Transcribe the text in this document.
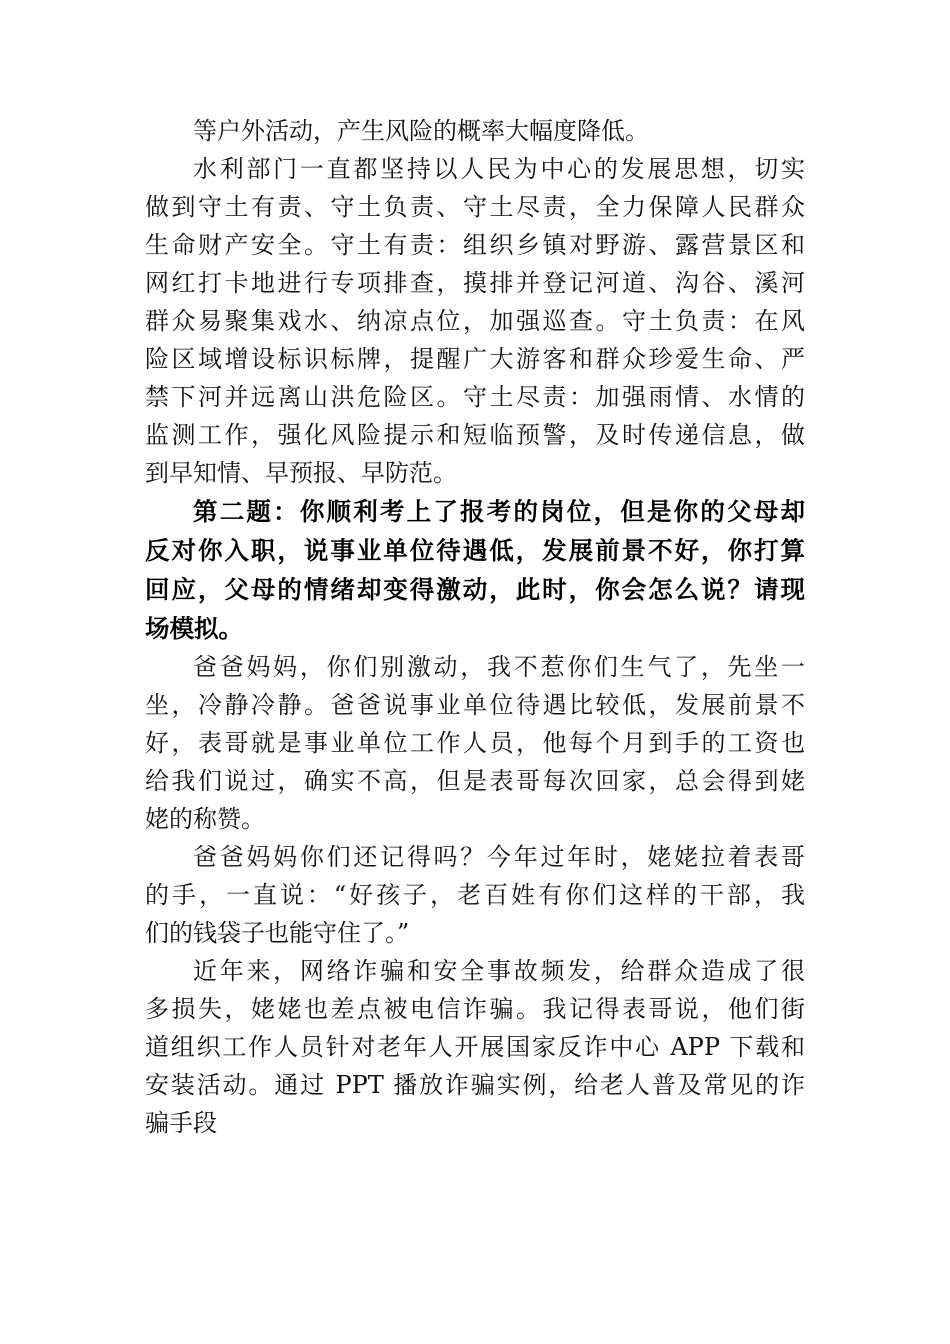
等户外活动，产生风险的概率大幅度降低。
水利部门一直都坚持以人民为中心的发展思想，切实
做到守土有责、守土负责、守土尽责，全力保障人民群众
生命财产安全。守土有责：组织乡镇对野游、露营景区和
网红打卡地进行专项排查，摸排并登记河道、沟谷、溪河
群众易聚集戏水、纳凉点位，加强巡查。守土负责：在风
险区域增设标识标牌，提醒广大游客和群众珍爱生命、严
禁下河并远离山洪危险区。守土尽责：加强雨情、水情的
监测工作，强化风险提示和短临预警，及时传递信息，做
到早知情、早预报、早防范。
第二题：你顺利考上了报考的岗位，但是你的父母却
反对你入职，说事业单位待遇低，发展前景不好，你打算
回应，父母的情绪却变得激动，此时，你会怎么说？请现
场模拟。
爸爸妈妈，你们别激动，我不惹你们生气了，先坐一
坐，冷静冷静。爸爸说事业单位待遇比较低，发展前景不
好，表哥就是事业单位工作人员，他每个月到手的工资也
给我们说过，确实不高，但是表哥每次回家，总会得到姥
姥的称赞。
爸爸妈妈你们还记得吗？今年过年时，姥姥拉着表哥
的手，一直说：“好孩子，老百姓有你们这样的干部，我
们的钱袋子也能守住了。”
近年来，网络诈骗和安全事故频发，给群众造成了很
多损失，姥姥也差点被电信诈骗。我记得表哥说，他们街
道组织工作人员针对老年人开展国家反诈中心 APP 下载和
安装活动。通过 PPT 播放诈骗实例，给老人普及常见的诈
骗手段
